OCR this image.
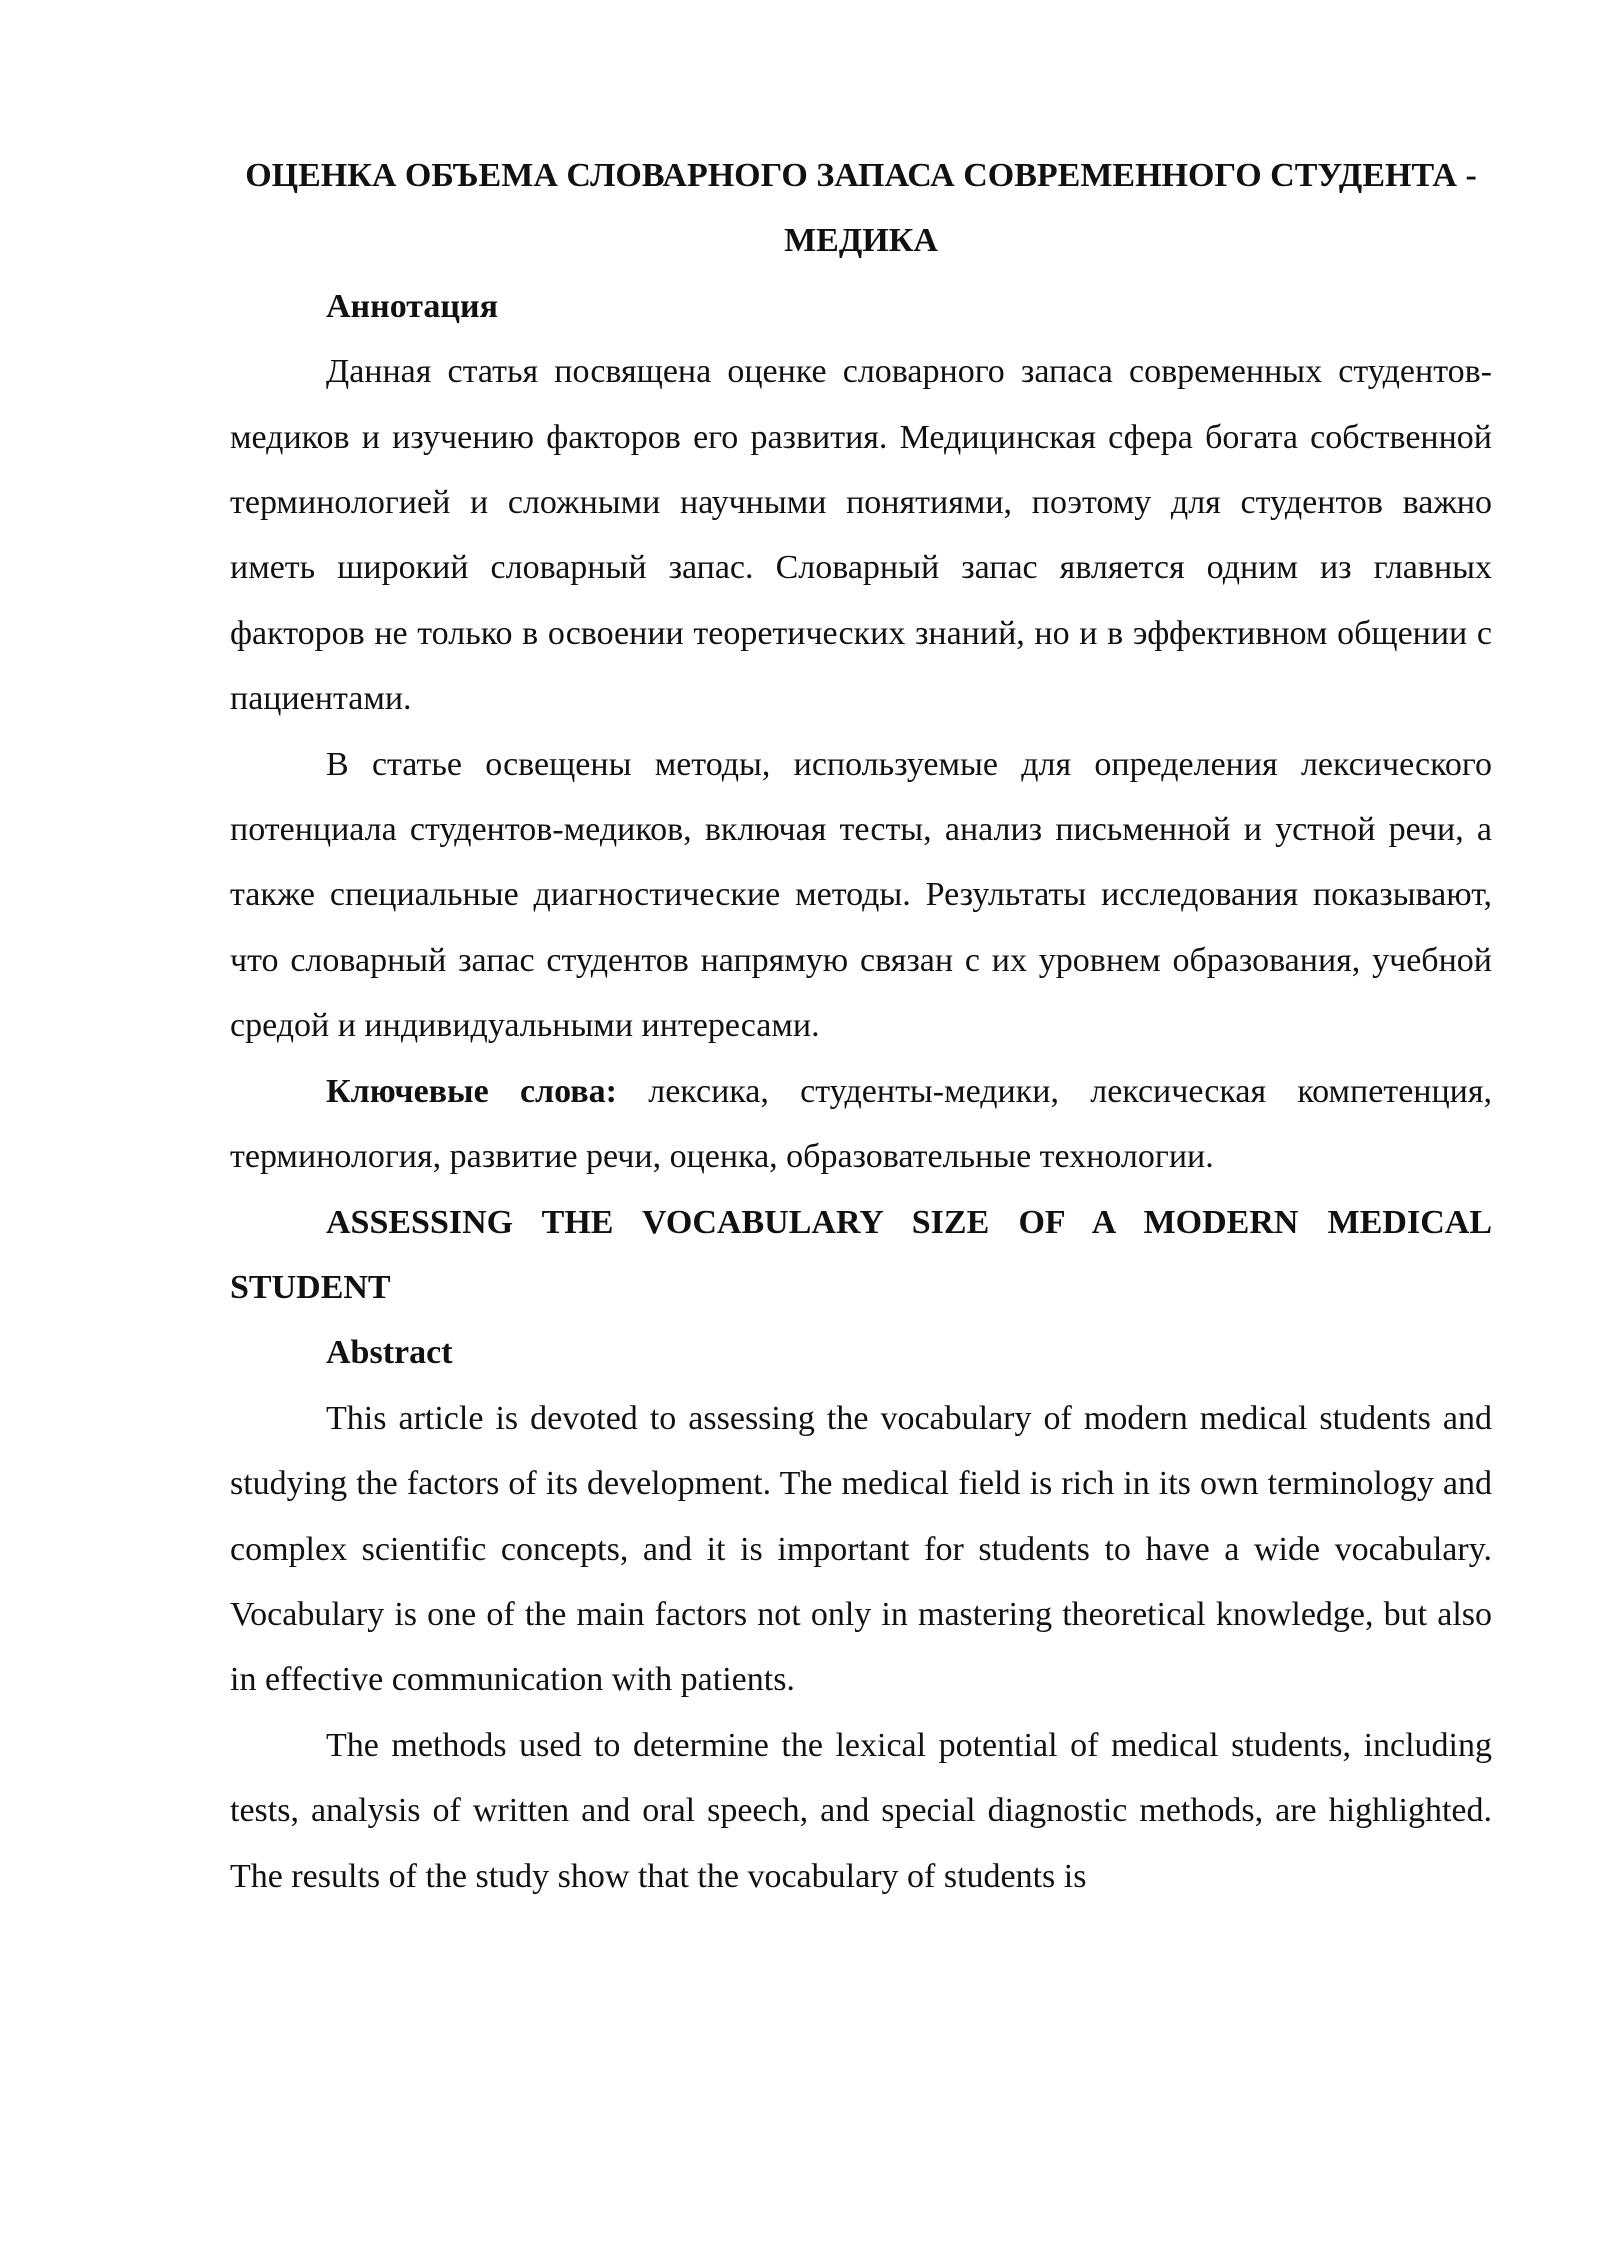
ОЦЕНКА ОБЪЕМА СЛОВАРНОГО ЗАПАСА СОВРЕМЕННОГО СТУДЕНТА - МЕДИКА

Аннотация

Данная статья посвящена оценке словарного запаса современных студентов-медиков и изучению факторов его развития. Медицинская сфера богата собственной терминологией и сложными научными понятиями, поэтому для студентов важно иметь широкий словарный запас. Словарный запас является одним из главных факторов не только в освоении теоретических знаний, но и в эффективном общении с пациентами.

В статье освещены методы, используемые для определения лексического потенциала студентов-медиков, включая тесты, анализ письменной и устной речи, а также специальные диагностические методы. Результаты исследования показывают, что словарный запас студентов напрямую связан с их уровнем образования, учебной средой и индивидуальными интересами.

Ключевые слова: лексика, студенты-медики, лексическая компетенция, терминология, развитие речи, оценка, образовательные технологии.

ASSESSING THE VOCABULARY SIZE OF A MODERN MEDICAL STUDENT

Abstract

This article is devoted to assessing the vocabulary of modern medical students and studying the factors of its development. The medical field is rich in its own terminology and complex scientific concepts, and it is important for students to have a wide vocabulary. Vocabulary is one of the main factors not only in mastering theoretical knowledge, but also in effective communication with patients.

The methods used to determine the lexical potential of medical students, including tests, analysis of written and oral speech, and special diagnostic methods, are highlighted. The results of the study show that the vocabulary of students is
